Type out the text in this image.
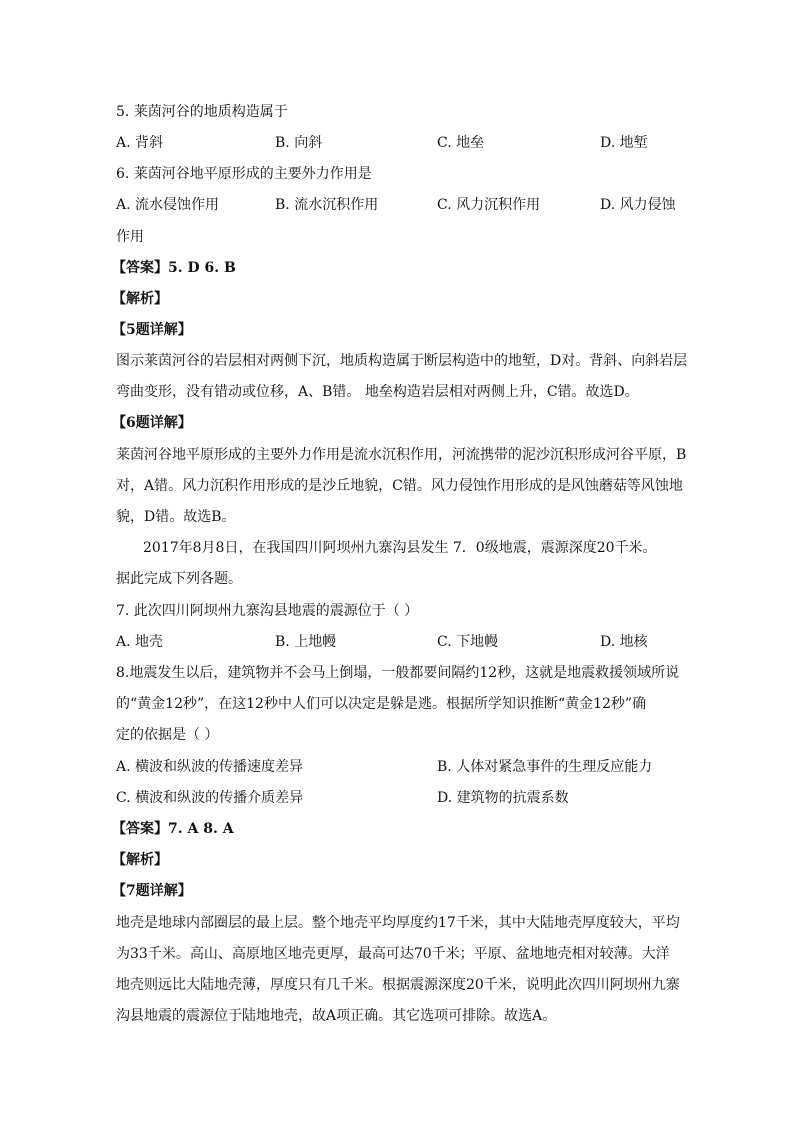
5. 莱茵河谷的地质构造属于
A. 背斜	B. 向斜	C. 地垒	D. 地堑
6. 莱茵河谷地平原形成的主要外力作用是
A. 流水侵蚀作用	B. 流水沉积作用	C. 风力沉积作用	D. 风力侵蚀
作用
【答案】5. D 6. B
【解析】
【5题详解】
图示莱茵河谷的岩层相对两侧下沉，地质构造属于断层构造中的地堑，D对。背斜、向斜岩层
弯曲变形，没有错动或位移，A、B错。 地垒构造岩层相对两侧上升，C错。故选D。
【6题详解】
莱茵河谷地平原形成的主要外力作用是流水沉积作用，河流携带的泥沙沉积形成河谷平原，B
对，A错。风力沉积作用形成的是沙丘地貌，C错。风力侵蚀作用形成的是风蚀蘑菇等风蚀地
貌，D错。故选B。
2017年8月8日，在我国四川阿坝州九寨沟县发生 7．0级地震，震源深度20千米。
据此完成下列各题。
7. 此次四川阿坝州九寨沟县地震的震源位于（ ）
A. 地壳	B. 上地幔	C. 下地幔	D. 地核
8.地震发生以后，建筑物并不会马上倒塌，一般都要间隔约12秒，这就是地震救援领域所说
的“黄金12秒”，在这12秒中人们可以决定是躲是逃。根据所学知识推断“黄金12秒”确
定的依据是（ ）
A. 横波和纵波的传播速度差异	B. 人体对紧急事件的生理反应能力
C. 横波和纵波的传播介质差异	D. 建筑物的抗震系数
【答案】7. A 8. A
【解析】
【7题详解】
地壳是地球内部圈层的最上层。整个地壳平均厚度约17千米，其中大陆地壳厚度较大，平均
为33千米。高山、高原地区地壳更厚，最高可达70千米；平原、盆地地壳相对较薄。大洋
地壳则远比大陆地壳薄，厚度只有几千米。根据震源深度20千米，说明此次四川阿坝州九寨
沟县地震的震源位于陆地地壳，故A项正确。其它选项可排除。故选A。
